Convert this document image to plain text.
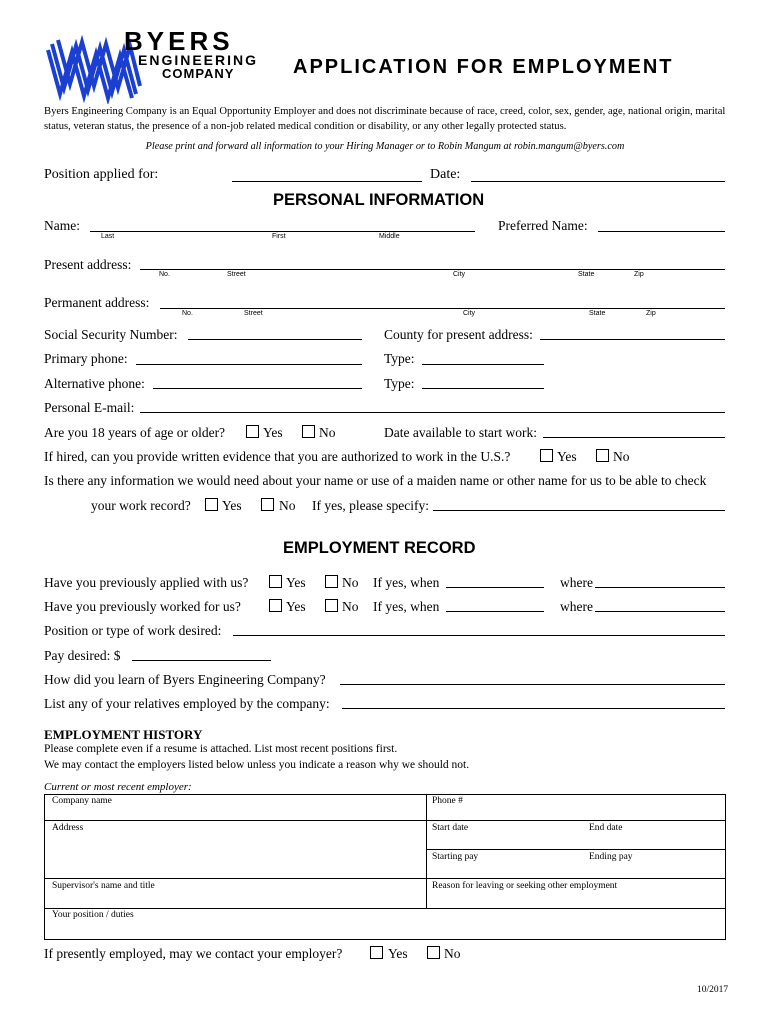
BYERS
ENGINEERING
COMPANY	APPLICATION FOR EMPLOYMENT
Byers Engineering Company is an Equal Opportunity Employer and does not discriminate because of race, creed, color, sex, gender, age, national origin, marital status, veteran status, the presence of a non-job related medical condition or disability, or any other legally protected status.
Please print and forward all information to your Hiring Manager or to Robin Mangum at robin.mangum@byers.com
Position applied for:	Date:
PERSONAL INFORMATION
Name:
Last	First	Middle
Preferred Name:
Present address:
No.	Street	City	State	Zip
Permanent address:
No.	Street	City	State	Zip
Social Security Number:	County for present address:
Primary phone:	Type:
Alternative phone:	Type:
Personal E-mail:
Are you 18 years of age or older?	Yes	No	Date available to start work:
If hired, can you provide written evidence that you are authorized to work in the U.S.?	Yes	No
Is there any information we would need about your name or use of a maiden name or other name for us to be able to check
your work record? Yes	No If yes, please specify:
EMPLOYMENT RECORD
Have you previously applied with us?	Yes	No If yes, when	where
Have you previously worked for us?	Yes	No If yes, when	where
Position or type of work desired:
Pay desired: $
How did you learn of Byers Engineering Company?
List any of your relatives employed by the company:
EMPLOYMENT HISTORY
Please complete even if a resume is attached. List most recent positions first.
We may contact the employers listed below unless you indicate a reason why we should not.
Current or most recent employer:
Company name	Phone #
Address	Start date	End date
Starting pay	Ending pay
Supervisor's name and title	Reason for leaving or seeking other employment
Your position / duties
If presently employed, may we contact your employer?	Yes	No
10/2017
